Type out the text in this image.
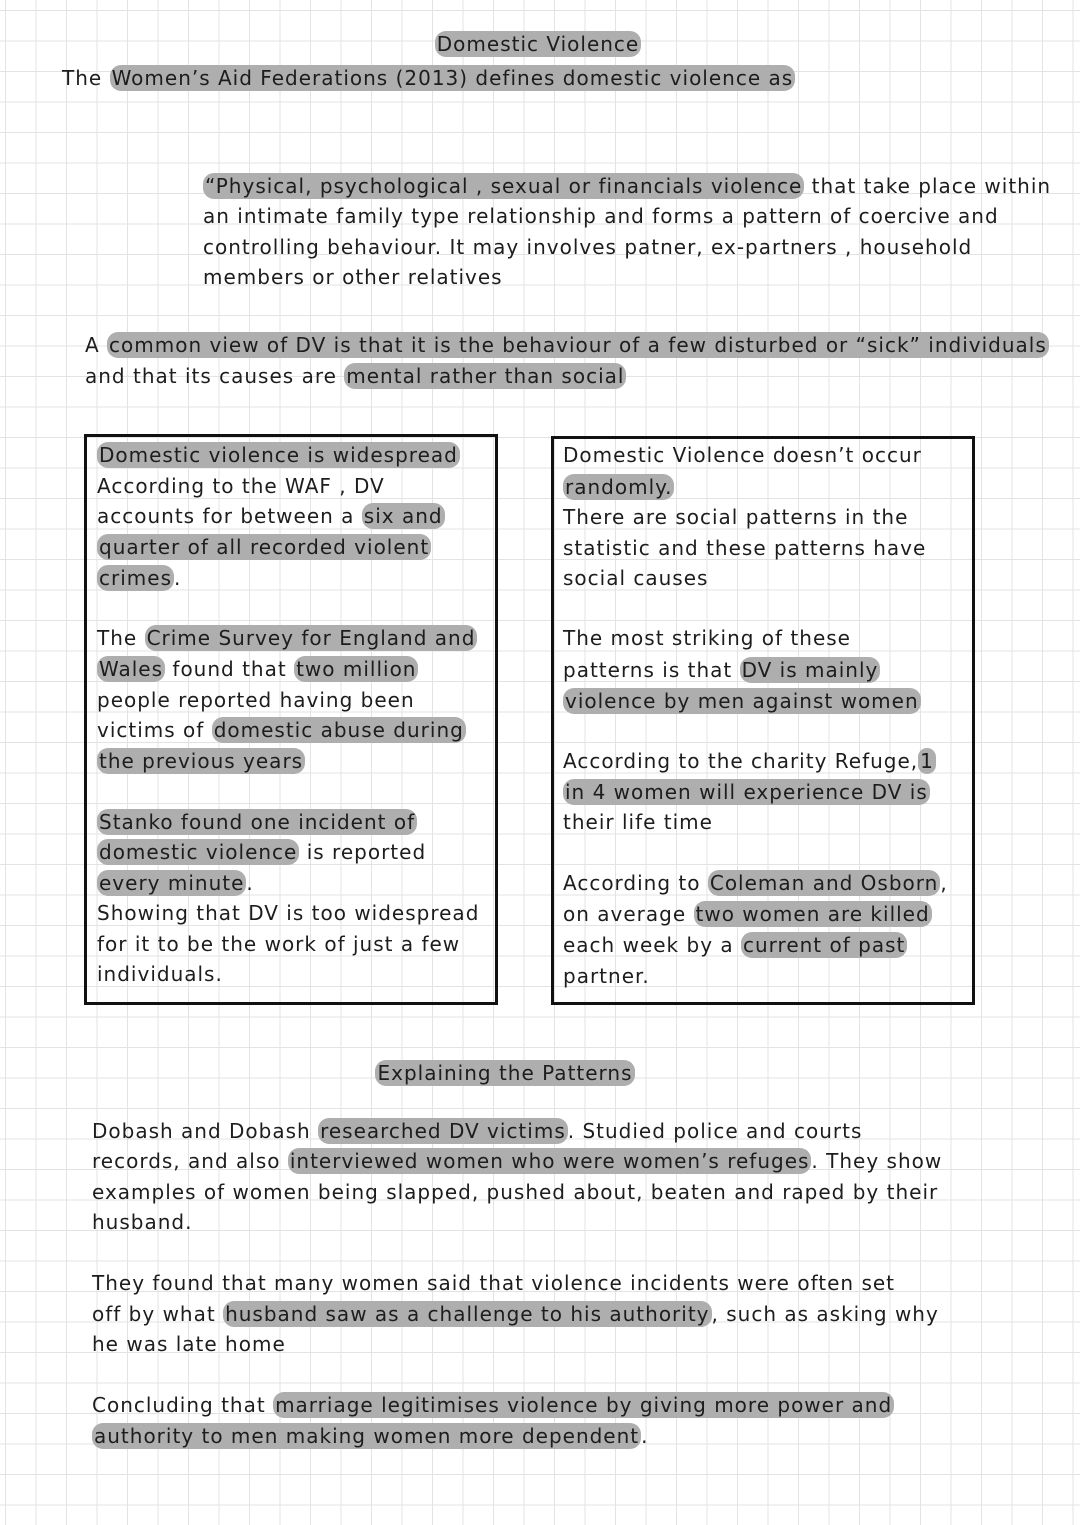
Domestic Violence
The Women’s Aid Federations (2013) defines domestic violence as
“Physical, psychological , sexual or financials violence that take place within
an intimate family type relationship and forms a pattern of coercive and
controlling behaviour. It may involves patner, ex-partners , household
members or other relatives
A common view of DV is that it is the behaviour of a few disturbed or “sick” individuals
and that its causes are mental rather than social
Domestic violence is widespread
According to the WAF , DV
accounts for between a six and
quarter of all recorded violent
crimes .
The Crime Survey for England and
Wales found that two million
people reported having been
victims of domestic abuse during
the previous years
Stanko found one incident of
domestic violence is reported
every minute .
Showing that DV is too widespread
for it to be the work of just a few
individuals.
Domestic Violence doesn’t occur
randomly.
There are social patterns in the
statistic and these patterns have
social causes
The most striking of these
patterns is that DV is mainly
violence by men against women
According to the charity Refuge, 1
in 4 women will experience DV is
their life time
According to Coleman and Osborn ,
on average two women are killed
each week by a current of past
partner.
Explaining the Patterns
Dobash and Dobash researched DV victims . Studied police and courts
records, and also interviewed women who were women’s refuges . They show
examples of women being slapped, pushed about, beaten and raped by their
husband.
They found that many women said that violence incidents were often set
off by what husband saw as a challenge to his authority , such as asking why
he was late home
Concluding that marriage legitimises violence by giving more power and
authority to men making women more dependent .
